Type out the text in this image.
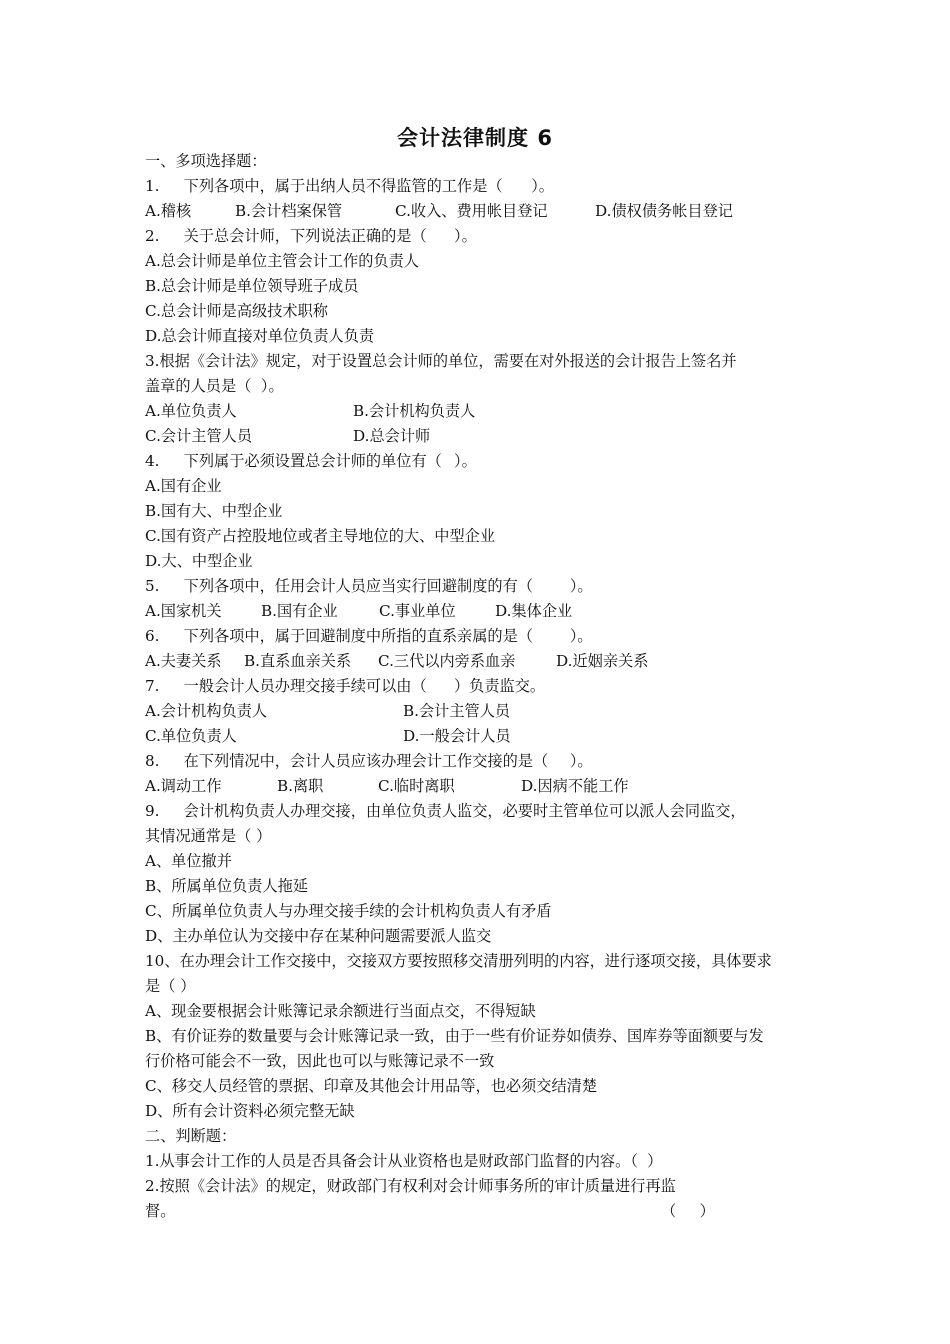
会计法律制度 6
一、多项选择题：
1.	下列各项中，属于出纳人员不得监管的工作是（	）。

A.稽核

	B.会计档案保管

	C.收入、费用帐目登记

	D.债权债务帐目登记

2.	关于总会计师，下列说法正确的是（	）。
A.总会计师是单位主管会计工作的负责人
B.总会计师是单位领导班子成员
C.总会计师是高级技术职称
D.总会计师直接对单位负责人负责
3.根据《会计法》规定，对于设置总会计师的单位，需要在对外报送的会计报告上签名并
盖章的人员是（	）。

A.单位负责人

	B.会计机构负责人

C.会计主管人员

	D.总会计师

4.	下列属于必须设置总会计师的单位有（	）。
A.国有企业
B.国有大、中型企业
C.国有资产占控股地位或者主导地位的大、中型企业
D.大、中型企业
5.	下列各项中，任用会计人员应当实行回避制度的有（	）。

A.国家机关

	B.国有企业

	C.事业单位

	D.集体企业

6.	下列各项中，属于回避制度中所指的直系亲属的是（	）。

A.夫妻关系

B.直系血亲关系

C.三代以内旁系血亲

	D.近姻亲关系

7.	一般会计人员办理交接手续可以由（	）负责监交。

A.会计机构负责人

	B.会计主管人员

C.单位负责人

	D.一般会计人员

8.	在下列情况中，会计人员应该办理会计工作交接的是（	）。

A.调动工作

	B.离职

	C.临时离职

	D.因病不能工作

9.	会计机构负责人办理交接，由单位负责人监交，必要时主管单位可以派人会同监交，
其情况通常是（ ）
A、单位撤并
B、所属单位负责人拖延
C、所属单位负责人与办理交接手续的会计机构负责人有矛盾
D、主办单位认为交接中存在某种问题需要派人监交
10、在办理会计工作交接中，交接双方要按照移交清册列明的内容，进行逐项交接，具体要求
是（ ）
A、现金要根据会计账簿记录余额进行当面点交，不得短缺
B、有价证券的数量要与会计账簿记录一致，由于一些有价证券如债券、国库券等面额要与发
行价格可能会不一致，因此也可以与账簿记录不一致
C、移交人员经管的票据、印章及其他会计用品等，也必须交结清楚
D、所有会计资料必须完整无缺
二、判断题：
1.从事会计工作的人员是否具备会计从业资格也是财政部门监督的内容。（	）
2.按照《会计法》的规定，财政部门有权利对会计师事务所的审计质量进行再监

督。

	（	）
